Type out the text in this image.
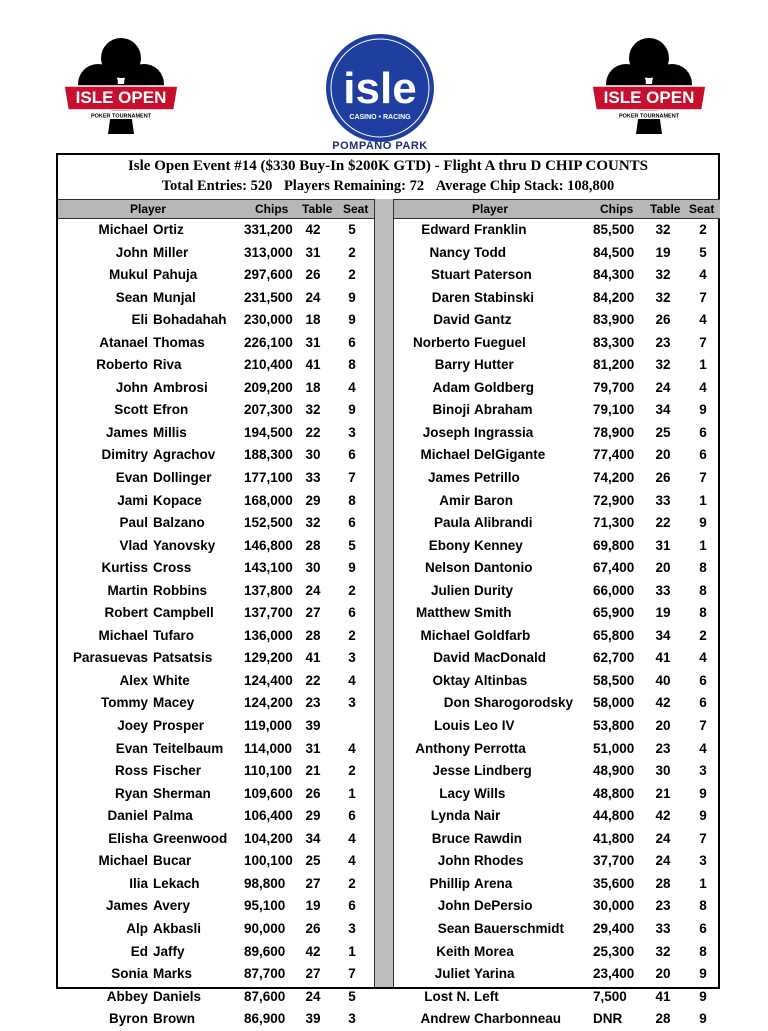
ISLE OPEN
POKER TOURNAMENT
ISLE OPEN
POKER TOURNAMENT
isle
CASINO • RACING
POMPANO PARK
Isle Open Event #14 ($330 Buy-In $200K GTD) - Flight A thru D CHIP COUNTS
Total Entries: 520 Players Remaining: 72 Average Chip Stack: 108,800
Player	Chips Table Seat	Player	Chips Table Seat
Michael Ortiz	331,200 42	5
John Miller	313,000 31	2
Mukul Pahuja	297,600 26	2
Sean Munjal	231,500 24	9
Eli Bohadahah 230,000 18	9
Atanael Thomas	226,100 31	6
Roberto Riva	210,400 41	8
John Ambrosi	209,200 18	4
Scott Efron	207,300 32	9
James Millis	194,500 22	3
Dimitry Agrachov 188,300 30	6
Evan Dollinger 177,100 33	7
Jami Kopace	168,000 29	8
Paul Balzano	152,500 32	6
Vlad Yanovsky 146,800 28	5
Kurtiss Cross	143,100 30	9
Martin Robbins	137,800 24	2
Robert Campbell 137,700 27	6
Michael Tufaro	136,000 28	2
Parasuevas Patsatsis 129,200 41	3
Alex White	124,400 22	4
Tommy Macey	124,200 23	3
Joey Prosper	119,000 39
Evan Teitelbaum 114,000 31	4
Ross Fischer	110,100 21	2
Ryan Sherman 109,600 26	1
Daniel Palma	106,400 29	6
Elisha Greenwood 104,200 34	4
Michael Bucar	100,100 25	4
Ilia Lekach	98,800	27	2
James Avery	95,100	19	6
Alp Akbasli	90,000	26	3
Ed Jaffy	89,600	42	1
Sonia Marks	87,700	27	7
Abbey Daniels	87,600	24	5
Byron Brown	86,900	39	3
Edward Franklin	85,500	32	2
Nancy Todd	84,500	19	5
Stuart Paterson	84,300	32	4
Daren Stabinski	84,200	32	7
David Gantz	83,900	26	4
Norberto Fueguel	83,300	23	7
Barry Hutter	81,200	32	1
Adam Goldberg	79,700	24	4
Binoji Abraham	79,100	34	9
Joseph Ingrassia	78,900	25	6
Michael DelGigante	77,400	20	6
James Petrillo	74,200	26	7
Amir Baron	72,900	33	1
Paula Alibrandi	71,300	22	9
Ebony Kenney	69,800	31	1
Nelson Dantonio	67,400	20	8
Julien Durity	66,000	33	8
Matthew Smith	65,900	19	8
Michael Goldfarb	65,800	34	2
David MacDonald	62,700	41	4
Oktay Altinbas	58,500	40	6
Don Sharogorodsky 58,000	42	6
Louis Leo IV	53,800	20	7
Anthony Perrotta	51,000	23	4
Jesse Lindberg	48,900	30	3
Lacy Wills	48,800	21	9
Lynda Nair	44,800	42	9
Bruce Rawdin	41,800	24	7
John Rhodes	37,700	24	3
Phillip Arena	35,600	28	1
John DePersio	30,000	23	8
Sean Bauerschmidt 29,400	33	6
Keith Morea	25,300	32	8
Juliet Yarina	23,400	20	9
Lost N. Left	7,500	41	9
Andrew Charbonneau DNR	28	9
